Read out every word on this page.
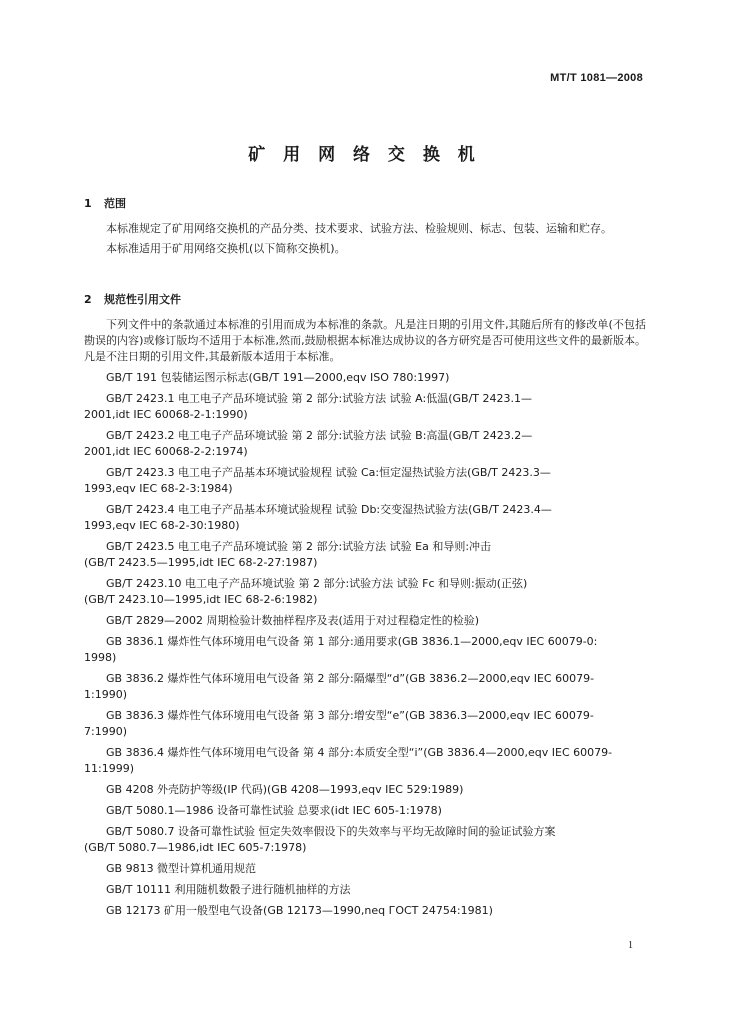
MT/T 1081—2008
矿 用 网 络 交 换 机

1 范围

本标准规定了矿用网络交换机的产品分类、技术要求、试验方法、检验规则、标志、包装、运输和贮存。

本标准适用于矿用网络交换机(以下简称交换机)。

2 规范性引用文件

下列文件中的条款通过本标准的引用而成为本标准的条款。凡是注日期的引用文件,其随后所有的修改单(不包括勘误的内容)或修订版均不适用于本标准,然而,鼓励根据本标准达成协议的各方研究是否可使用这些文件的最新版本。凡是不注日期的引用文件,其最新版本适用于本标准。

GB/T 191 包装储运图示标志(GB/T 191—2000,eqv ISO 780:1997)

GB/T 2423.1 电工电子产品环境试验 第 2 部分:试验方法 试验 A:低温(GB/T 2423.1—
2001,idt IEC 60068-2-1:1990)

GB/T 2423.2 电工电子产品环境试验 第 2 部分:试验方法 试验 B:高温(GB/T 2423.2—
2001,idt IEC 60068-2-2:1974)

GB/T 2423.3 电工电子产品基本环境试验规程 试验 Ca:恒定湿热试验方法(GB/T 2423.3—
1993,eqv IEC 68-2-3:1984)

GB/T 2423.4 电工电子产品基本环境试验规程 试验 Db:交变湿热试验方法(GB/T 2423.4—
1993,eqv IEC 68-2-30:1980)

GB/T 2423.5 电工电子产品环境试验 第 2 部分:试验方法 试验 Ea 和导则:冲击
(GB/T 2423.5—1995,idt IEC 68-2-27:1987)

GB/T 2423.10 电工电子产品环境试验 第 2 部分:试验方法 试验 Fc 和导则:振动(正弦)
(GB/T 2423.10—1995,idt IEC 68-2-6:1982)

GB/T 2829—2002 周期检验计数抽样程序及表(适用于对过程稳定性的检验)

GB 3836.1 爆炸性气体环境用电气设备 第 1 部分:通用要求(GB 3836.1—2000,eqv IEC 60079-0:
1998)

GB 3836.2 爆炸性气体环境用电气设备 第 2 部分:隔爆型“d”(GB 3836.2—2000,eqv IEC 60079-
1:1990)

GB 3836.3 爆炸性气体环境用电气设备 第 3 部分:增安型“e”(GB 3836.3—2000,eqv IEC 60079-
7:1990)

GB 3836.4 爆炸性气体环境用电气设备 第 4 部分:本质安全型“i”(GB 3836.4—2000,eqv IEC 60079-
11:1999)

GB 4208 外壳防护等级(IP 代码)(GB 4208—1993,eqv IEC 529:1989)

GB/T 5080.1—1986 设备可靠性试验 总要求(idt IEC 605-1:1978)

GB/T 5080.7 设备可靠性试验 恒定失效率假设下的失效率与平均无故障时间的验证试验方案
(GB/T 5080.7—1986,idt IEC 605-7:1978)

GB 9813 微型计算机通用规范

GB/T 10111 利用随机数骰子进行随机抽样的方法

GB 12173 矿用一般型电气设备(GB 12173—1990,neq ГОСТ 24754:1981)

1
